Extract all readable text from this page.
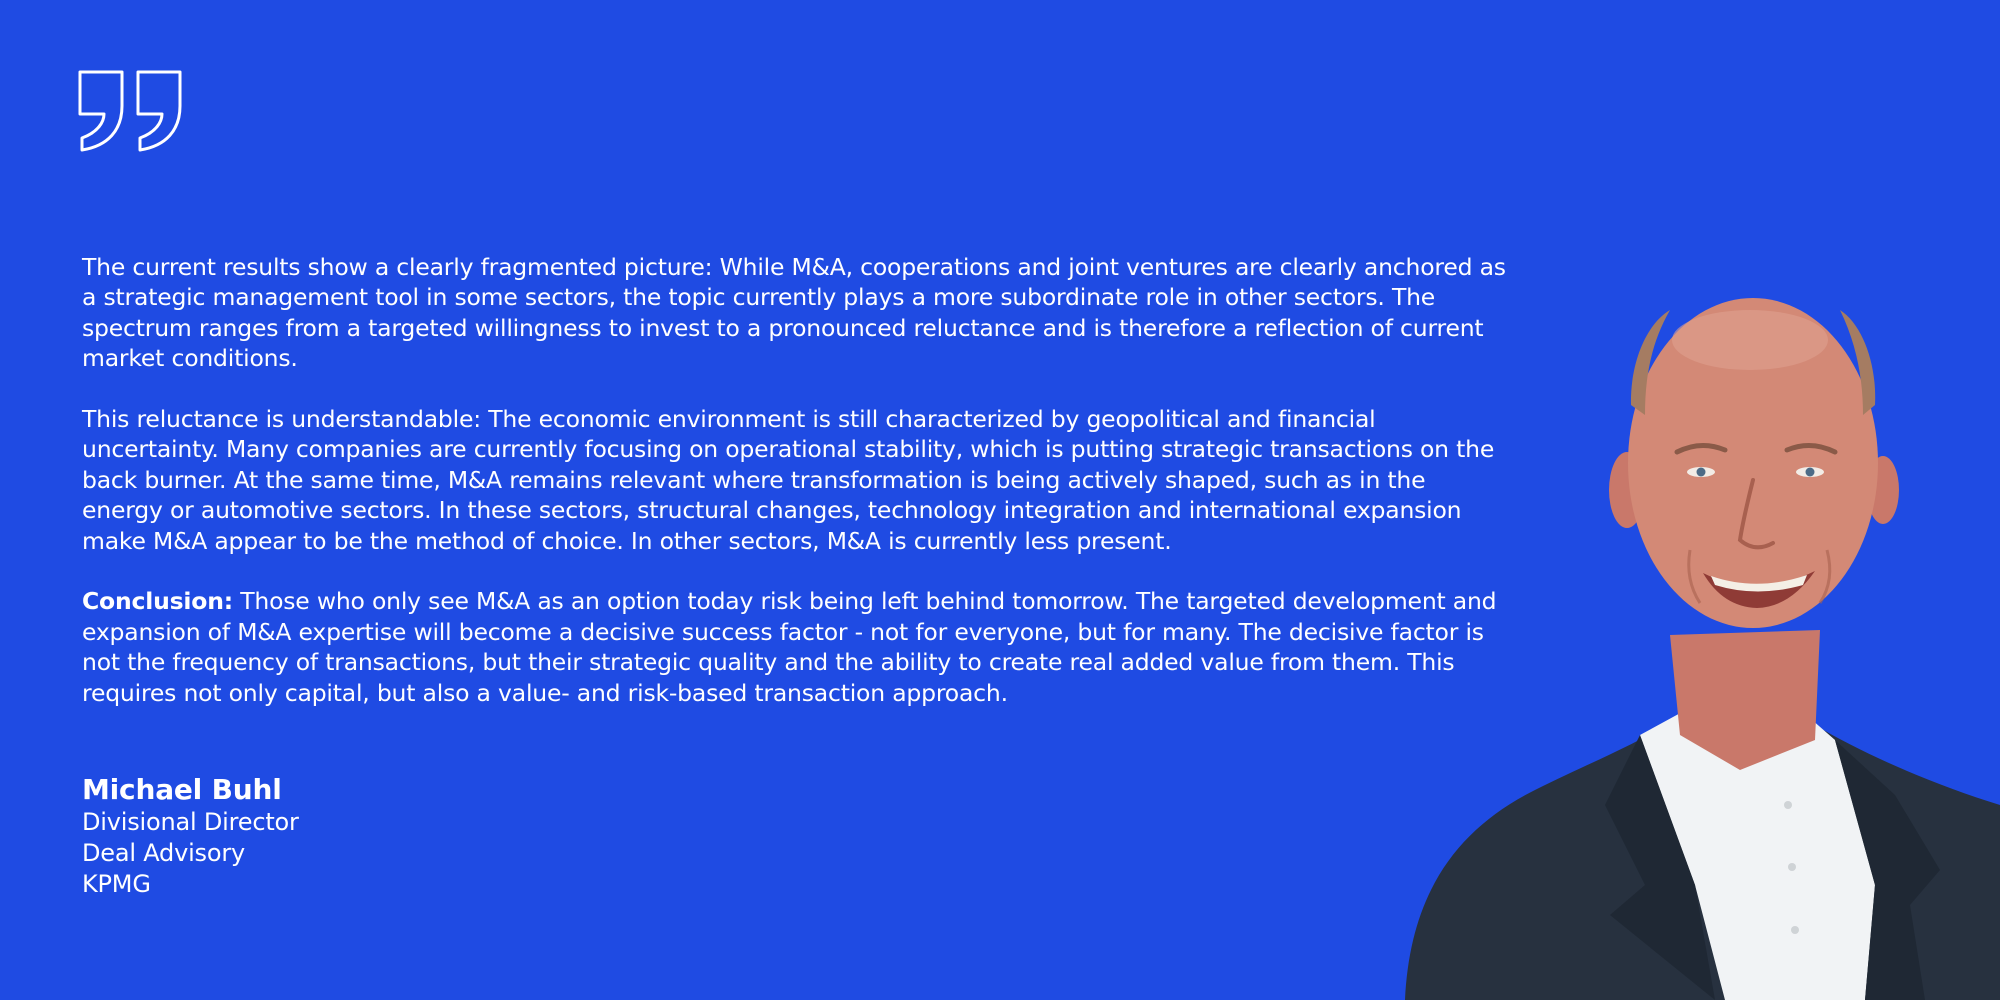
The current results show a clearly fragmented picture: While M&A, cooperations and joint ventures are clearly anchored as a strategic management tool in some sectors, the topic currently plays a more subordinate role in other sectors. The spectrum ranges from a targeted willingness to invest to a pronounced reluctance and is therefore a reflection of current market conditions.

This reluctance is understandable: The economic environment is still characterized by geopolitical and financial uncertainty. Many companies are currently focusing on operational stability, which is putting strategic transactions on the back burner. At the same time, M&A remains relevant where transformation is being actively shaped, such as in the energy or automotive sectors. In these sectors, structural changes, technology integration and international expansion make M&A appear to be the method of choice. In other sectors, M&A is currently less present.

Conclusion: Those who only see M&A as an option today risk being left behind tomorrow. The targeted development and expansion of M&A expertise will become a decisive success factor - not for everyone, but for many. The decisive factor is not the frequency of transactions, but their strategic quality and the ability to create real added value from them. This requires not only capital, but also a value- and risk-based transaction approach.

Michael Buhl
Divisional Director
Deal Advisory
KPMG
